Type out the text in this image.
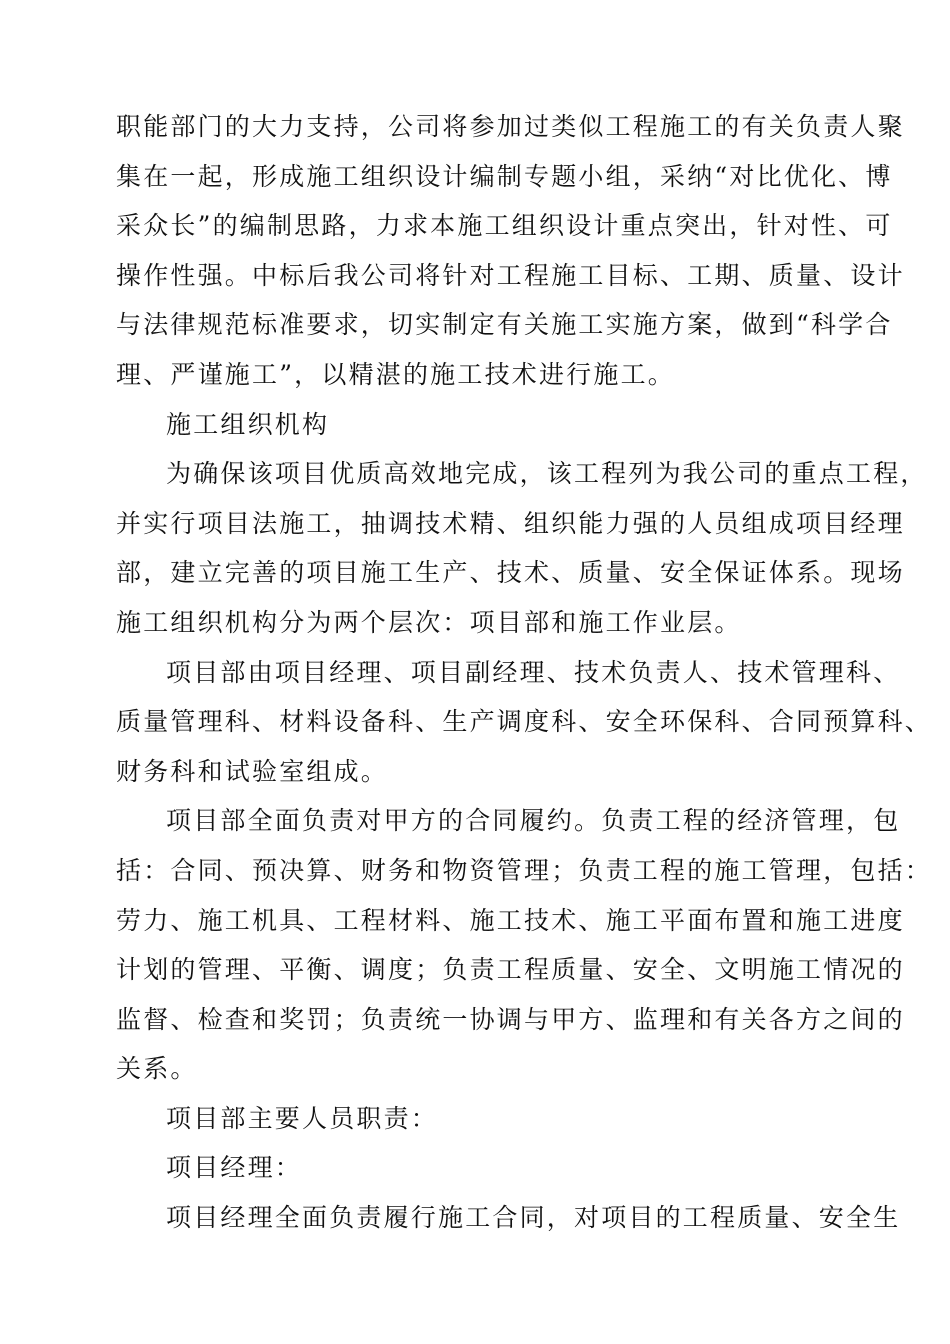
职能部门的大力支持，公司将参加过类似工程施工的有关负责人聚
集在一起，形成施工组织设计编制专题小组，采纳“对比优化、博
采众长”的编制思路，力求本施工组织设计重点突出，针对性、可
操作性强。中标后我公司将针对工程施工目标、工期、质量、设计
与法律规范标准要求，切实制定有关施工实施方案，做到“科学合
理、严谨施工”，以精湛的施工技术进行施工。
施工组织机构
为确保该项目优质高效地完成，该工程列为我公司的重点工程，
并实行项目法施工，抽调技术精、组织能力强的人员组成项目经理
部，建立完善的项目施工生产、技术、质量、安全保证体系。现场
施工组织机构分为两个层次：项目部和施工作业层。
项目部由项目经理、项目副经理、技术负责人、技术管理科、
质量管理科、材料设备科、生产调度科、安全环保科、合同预算科、
财务科和试验室组成。
项目部全面负责对甲方的合同履约。负责工程的经济管理，包
括：合同、预决算、财务和物资管理；负责工程的施工管理，包括：
劳力、施工机具、工程材料、施工技术、施工平面布置和施工进度
计划的管理、平衡、调度；负责工程质量、安全、文明施工情况的
监督、检查和奖罚；负责统一协调与甲方、监理和有关各方之间的
关系。
项目部主要人员职责：
项目经理：
项目经理全面负责履行施工合同，对项目的工程质量、安全生
